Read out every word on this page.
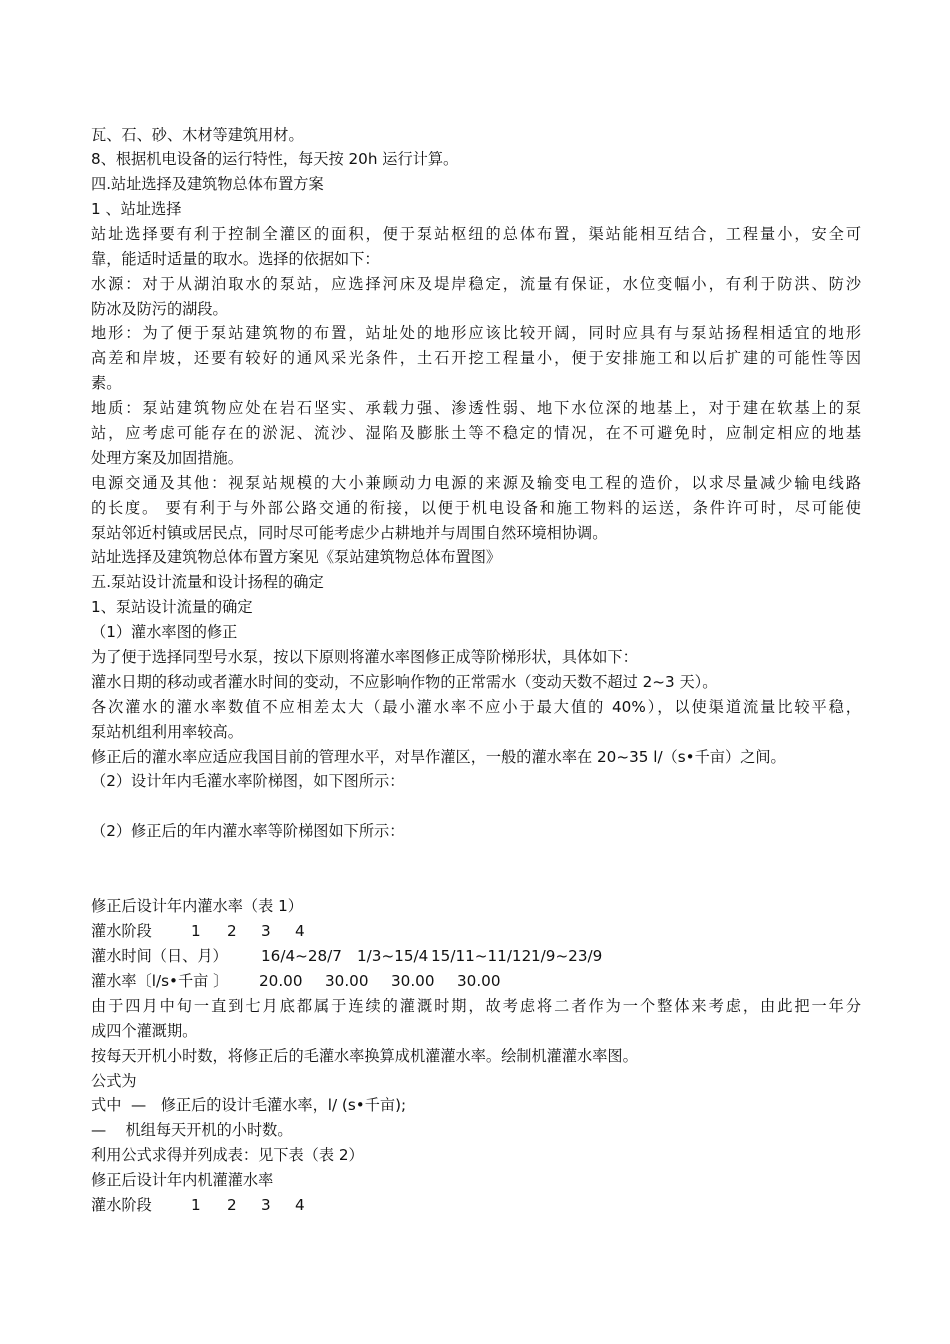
瓦、石、砂、木材等建筑用材。
8、根据机电设备的运行特性，每天按 20h 运行计算。
四.站址选择及建筑物总体布置方案
1 、站址选择
站址选择要有利于控制全灌区的面积，便于泵站枢纽的总体布置，渠站能相互结合，工程量小，安全可
靠，能适时适量的取水。选择的依据如下：
水源：对于从湖泊取水的泵站，应选择河床及堤岸稳定，流量有保证，水位变幅小，有利于防洪、防沙
防冰及防污的湖段。
地形：为了便于泵站建筑物的布置，站址处的地形应该比较开阔，同时应具有与泵站扬程相适宜的地形
高差和岸坡，还要有较好的通风采光条件，土石开挖工程量小，便于安排施工和以后扩建的可能性等因
素。
地质：泵站建筑物应处在岩石坚实、承载力强、渗透性弱、地下水位深的地基上，对于建在软基上的泵
站，应考虑可能存在的淤泥、流沙、湿陷及膨胀土等不稳定的情况，在不可避免时，应制定相应的地基
处理方案及加固措施。
电源交通及其他：视泵站规模的大小兼顾动力电源的来源及输变电工程的造价，以求尽量减少输电线路
的长度。 要有利于与外部公路交通的衔接，以便于机电设备和施工物料的运送，条件许可时，尽可能使
泵站邻近村镇或居民点，同时尽可能考虑少占耕地并与周围自然环境相协调。
站址选择及建筑物总体布置方案见《泵站建筑物总体布置图》
五.泵站设计流量和设计扬程的确定
1、泵站设计流量的确定
（1）灌水率图的修正
为了便于选择同型号水泵，按以下原则将灌水率图修正成等阶梯形状，具体如下：
灌水日期的移动或者灌水时间的变动，不应影响作物的正常需水（变动天数不超过 2~3 天）。
各次灌水的灌水率数值不应相差太大（最小灌水率不应小于最大值的 40%），以使渠道流量比较平稳，
泵站机组利用率较高。
修正后的灌水率应适应我国目前的管理水平，对旱作灌区，一般的灌水率在 20~35 l/（s•千亩）之间。
（2）设计年内毛灌水率阶梯图，如下图所示：
（2）修正后的年内灌水率等阶梯图如下所示：
修正后设计年内灌水率（表 1）
灌水阶段	1 2 3 4
灌水时间（日、月） 16/4~28/7 1/3~15/4 15/11~11/121/9~23/9
灌水率〔l/s•千亩 〕 20.00 30.00 30.00 30.00
由于四月中旬一直到七月底都属于连续的灌溉时期，故考虑将二者作为一个整体来考虑，由此把一年分
成四个灌溉期。
按每天开机小时数，将修正后的毛灌水率换算成机灌灌水率。绘制机灌灌水率图。
公式为
式中  —   修正后的设计毛灌水率，l/ (s•千亩);
—    机组每天开机的小时数。
利用公式求得并列成表：见下表（表 2）
修正后设计年内机灌灌水率
灌水阶段	1 2 3 4
